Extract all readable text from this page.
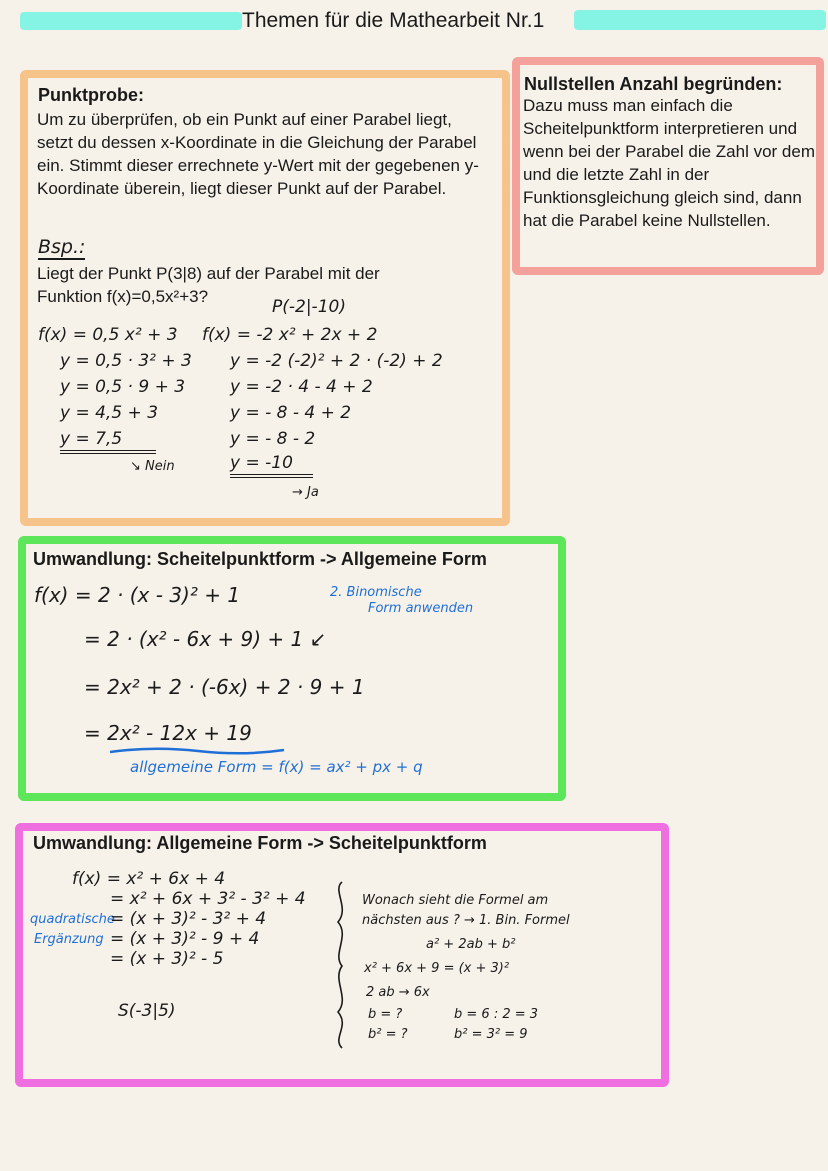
Themen für die Mathearbeit Nr.1
Punktprobe:
Um zu überprüfen, ob ein Punkt auf einer Parabel liegt, setzt du dessen x-Koordinate in die Gleichung der Parabel ein. Stimmt dieser errechnete y-Wert mit der gegebenen y-Koordinate überein, liegt dieser Punkt auf der Parabel.
Bsp.:
Liegt der Punkt P(3|8) auf der Parabel mit der
Funktion f(x)=0,5x²+3?
P(-2|-10)
f(x) = 0,5 x² + 3
y = 0,5 · 3² + 3
y = 0,5 · 9 + 3
y = 4,5 + 3
y = 7,5
↘ Nein
f(x) = -2 x² + 2x + 2
y = -2 (-2)² + 2 · (-2) + 2
y = -2 · 4 - 4 + 2
y = - 8 - 4 + 2
y = - 8 - 2
y = -10
→ Ja
Nullstellen Anzahl begründen:
Dazu muss man einfach die Scheitelpunktform interpretieren und wenn bei der Parabel die Zahl vor dem und die letzte Zahl in der Funktionsgleichung gleich sind, dann hat die Parabel keine Nullstellen.
Umwandlung: Scheitelpunktform -> Allgemeine Form
f(x) = 2 · (x - 3)² + 1	2. Binomische
Form anwenden
= 2 · (x² - 6x + 9) + 1 ↙
= 2x² + 2 · (-6x) + 2 · 9 + 1
= 2x² - 12x + 19
allgemeine Form = f(x) = ax² + px + q
Umwandlung: Allgemeine Form -> Scheitelpunktform
f(x) = x² + 6x + 4
= x² + 6x + 3² - 3² + 4
quadratische
= (x + 3)² - 3² + 4
Ergänzung = (x + 3)² - 9 + 4
= (x + 3)² - 5
S(-3|5)
Wonach sieht die Formel am
nächsten aus ? → 1. Bin. Formel
a² + 2ab + b²
x² + 6x + 9 = (x + 3)²
2 ab → 6x
b = ?	b = 6 : 2 = 3
b² = ?	b² = 3² = 9
